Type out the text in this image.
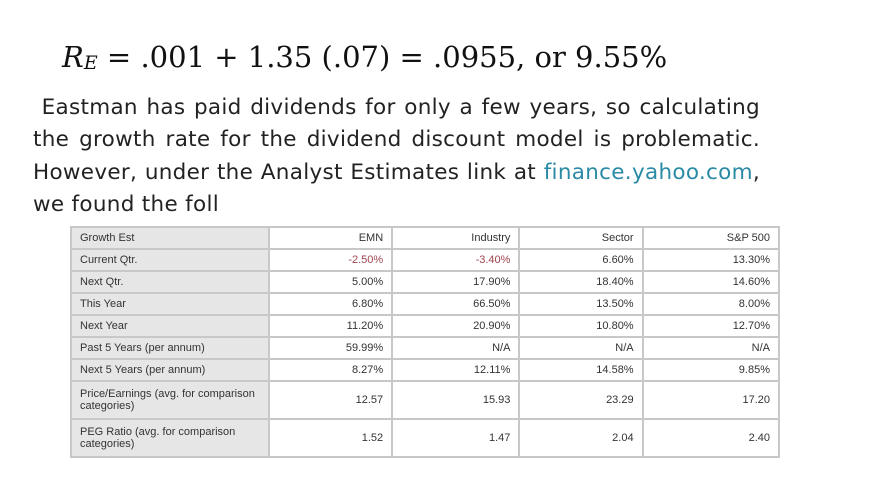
$R_E = .001 + 1.35$ (.07) = .0955, or 9.55%
Eastman has paid dividends for only a few years, so calculating the growth rate for the dividend discount model is problematic. However, under the Analyst Estimates link at finance.yahoo.com, we found the foll
Growth Est	EMN	Industry	Sector	S&P 500
Current Qtr.	-2.50%	-3.40%	6.60%	13.30%
Next Qtr.	5.00%	17.90%	18.40%	14.60%
This Year	6.80%	66.50%	13.50%	8.00%
Next Year	11.20%	20.90%	10.80%	12.70%
Past 5 Years (per annum)	59.99%	N/A	N/A	N/A
Next 5 Years (per annum)	8.27%	12.11%	14.58%	9.85%
Price/Earnings (avg. for comparison categories)	12.57	15.93	23.29	17.20
PEG Ratio (avg. for comparison categories)	1.52	1.47	2.04	2.40
